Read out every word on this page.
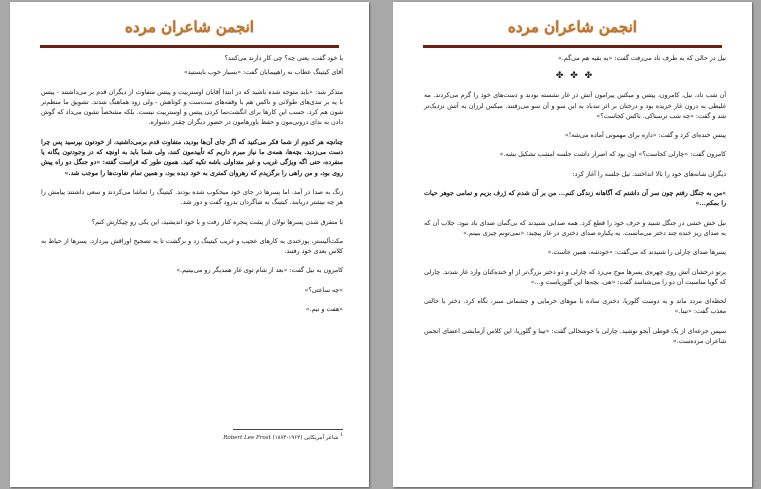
انجمن شاعران مرده

با خود گفت، یعنی چه؟ چی کار دارند می‌کنند؟

آقای کیتینگ عطاب به راهپیمایان گفت: «بسیار خوب بایستید»

متذکر شد: «باید متوجه شده باشید که در ابتدا آقایان اوسترییت و پیتس متفاوت از دیگران قدم بر می‌داشتند - پیتس با یه بر تندی‌های طولانی و ناکس هم با وقفه‌های ست‌ست و کوتاهش - ولی زود هماهنگ شدند. تشویق ما منظم‌تر شون هم کرد. حسب این کارها برای انگشت‌نما کردن پیتس و اوسترییت نیست. بلکه مشخصاً نشون می‌داد که گوش دادن به ندای درونی‌مون و حفظ باورهامون در حضور دیگران چقدر دشواره.

چنانچه هر کدوم از شما فکر می‌کنید که اگر جای آن‌ها بودید، متفاوت قدم برمی‌داشتید، از خودتون بپرسید پس چرا دست می‌زدید. بچه‌ها، همه‌ی ما نیاز مبرم داریم که تأییدمون کنند، ولی شما باید به اونچه که در وجودتون یگانه یا منفرده، حتی اگه ویژگی غریب و غیر متداولی باشه تکیه کنید. همون طور که فراست گفته: «دو جنگل دو راه پیش روی بود، و من راهی را برگزیدم که رهروان کمتری به خود دیده بود، و همین تمام تفاوت‌ها را موجب شد.»

زنگ به صدا در آمد. اما پسرها در جای خود میخکوب شده بودند. کیتینگ را تماشا می‌کردند و سعی داشتند پیامش را هر چه بیشتر دریابند. کیتینگ به شاگردان بدرود گفت و دور شد.

با متفرق شدن پسرها نولان از پشت پنجره کنار رفت و با خود اندیشید، این یکی رو چیکارش کنم؟

مکث‌آلیستر، پوزخندی به کارهای عجیب و غریب کیتینگ زد و برگشت تا به تصحیح اوراقش بپردازد. پسرها از حیاط به کلاس بعدی خود رفتند.

کامرون به نیل گفت: «بعد از شام توی غار همدیگر رو می‌بینیم.»

«چه ساعتی؟»

«هفت و نیم.»

$^1$ شاعر آمریکایی (۱۹۶۳-۱۸۷۴) Robert Lee Frost
انجمن شاعران مرده

نیل در حالی که به طرف تاد می‌رفت گفت: «به بقیه هم می‌گم.»

✤ ✤ ✤

آن شب تاد، نیل، کامرون، پیتس و میکس پیرامون آتش در غار نشسته بودند و دست‌های خود را گرم می‌کردند. مه غلیظی به درون غار خزیده بود و درختان بر اثر تندباد به این سو و آن سو می‌رفتند. میکس لرزان به آتش نزدیک‌تر شد و گفت: «چه شب ترسناکی. ناکس کجاست؟»

پیتس خنده‌ای کرد و گفت: «داره برای مهمونی آماده می‌شه!»

کامرون گفت: «چارلی کجاست؟» اون بود که اصرار داشت جلسه امشب تشکیل بشه.»

دیگران شانه‌های خود را بالا انداختند. نیل جلسه را آغاز کرد:

«من به جنگل رفتم چون سر آن داشتم که آگاهانه زندگی کنم... من بر آن شدم که ژرف بزیم و تمامی جوهر حیات را بمکم...»

نیل خش خشی در جنگل شنید و حرف خود را قطع کرد. همه صدایی شنیدند که بی‌گمان صدای باد نبود. جلاب آن که به صدای ریز خنده چند دختر می‌مانست. یه یکباره صدای دختری در غار پیچید: «نمی‌تونم چیزی ببینم.»

پسرها صدای چارلی را شنیدند که می‌گفت: «خودشه، همین جاست.»

پرتو درخشان آتش روی چهره‌ی پسرها موج می‌زد که چارلی و دو دختر بزرگ‌تر از او خنده‌کنان وارد غار شدند. چارلی که گویا مناسبت آن دو را می‌شناسد گفت: «هی، بچه‌ها این گلوریاست و...»

لحظه‌ای مردد ماند و به دوست گلوریا، دختری ساده با موهای خرمایی و چشمانی سبز، نگاه کرد. دختر با حالتی معذب گفت: «تینا.»

سپس جرعه‌ای از یک قوطی آبجو نوشید. چارلی با خوشحالی گفت: «تینا و گلوریا، این کلاس آزمایشی اعضای انجمن شاعران مرده‌ست.»
